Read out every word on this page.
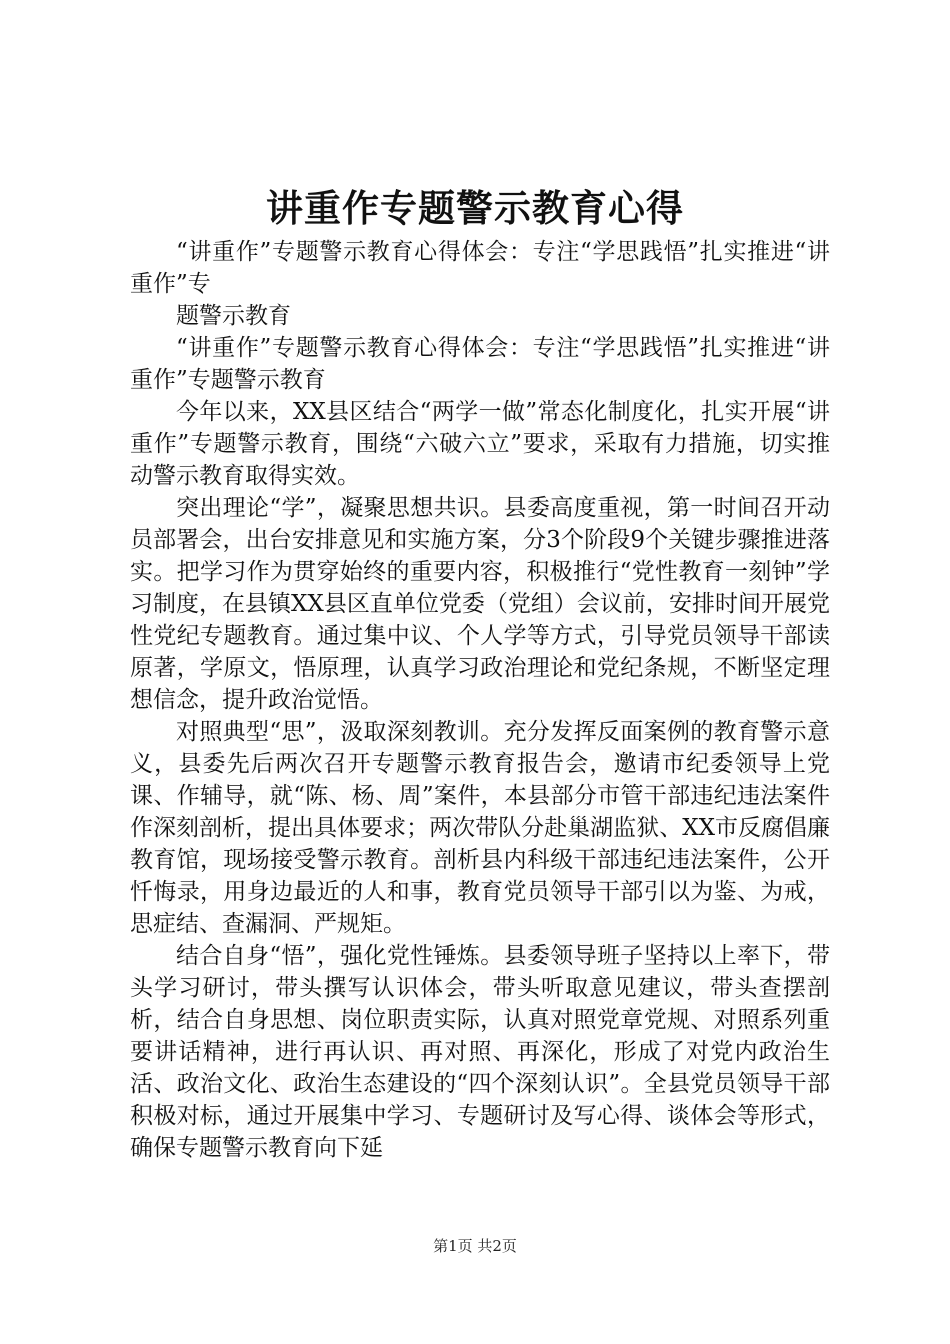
讲重作专题警示教育心得

“讲重作”专题警示教育心得体会：专注“学思践悟”扎实推进“讲重作”专

题警示教育

“讲重作”专题警示教育心得体会：专注“学思践悟”扎实推进“讲重作”专题警示教育

今年以来，XX县区结合“两学一做”常态化制度化，扎实开展“讲重作”专题警示教育，围绕“六破六立”要求，采取有力措施，切实推动警示教育取得实效。

突出理论“学”，凝聚思想共识。县委高度重视，第一时间召开动员部署会，出台安排意见和实施方案，分3个阶段9个关键步骤推进落实。把学习作为贯穿始终的重要内容，积极推行“党性教育一刻钟”学习制度，在县镇XX县区直单位党委（党组）会议前，安排时间开展党性党纪专题教育。通过集中议、个人学等方式，引导党员领导干部读原著，学原文，悟原理，认真学习政治理论和党纪条规，不断坚定理想信念，提升政治觉悟。

对照典型“思”，汲取深刻教训。充分发挥反面案例的教育警示意义，县委先后两次召开专题警示教育报告会，邀请市纪委领导上党课、作辅导，就“陈、杨、周”案件，本县部分市管干部违纪违法案件作深刻剖析，提出具体要求；两次带队分赴巢湖监狱、XX市反腐倡廉教育馆，现场接受警示教育。剖析县内科级干部违纪违法案件，公开忏悔录，用身边最近的人和事，教育党员领导干部引以为鉴、为戒，思症结、查漏洞、严规矩。

结合自身“悟”，强化党性锤炼。县委领导班子坚持以上率下，带头学习研讨，带头撰写认识体会，带头听取意见建议，带头查摆剖析，结合自身思想、岗位职责实际，认真对照党章党规、对照系列重要讲话精神，进行再认识、再对照、再深化，形成了对党内政治生活、政治文化、政治生态建设的“四个深刻认识”。全县党员领导干部积极对标，通过开展集中学习、专题研讨及写心得、谈体会等形式，确保专题警示教育向下延

第1页 共2页
